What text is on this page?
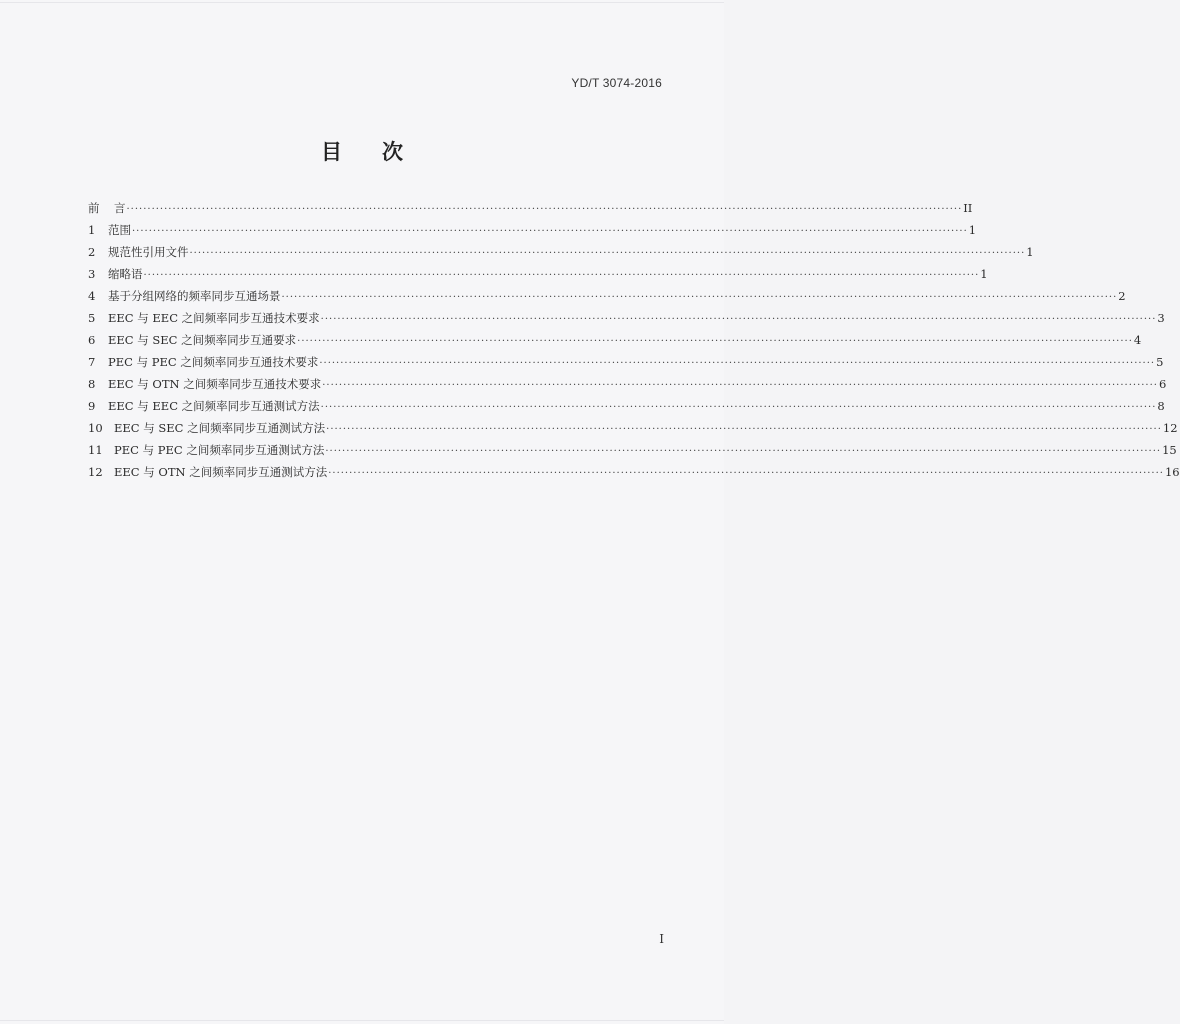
YD/T 3074-2016
目 次
前	言 ········································································································································································································ II
1	范围 ········································································································································································································ 1
2	规范性引用文件 ········································································································································································································ 1
3	缩略语 ········································································································································································································ 1
4	基于分组网络的频率同步互通场景 ········································································································································································································ 2
5	EEC 与 EEC 之间频率同步互通技术要求 ········································································································································································································ 3
6	EEC 与 SEC 之间频率同步互通要求 ········································································································································································································ 4
7	PEC 与 PEC 之间频率同步互通技术要求 ········································································································································································································ 5
8	EEC 与 OTN 之间频率同步互通技术要求 ········································································································································································································ 6
9	EEC 与 EEC 之间频率同步互通测试方法 ········································································································································································································ 8
10 EEC 与 SEC 之间频率同步互通测试方法 ········································································································································································································ 12
11 PEC 与 PEC 之间频率同步互通测试方法 ········································································································································································································ 15
12 EEC 与 OTN 之间频率同步互通测试方法 ········································································································································································································ 16
I
